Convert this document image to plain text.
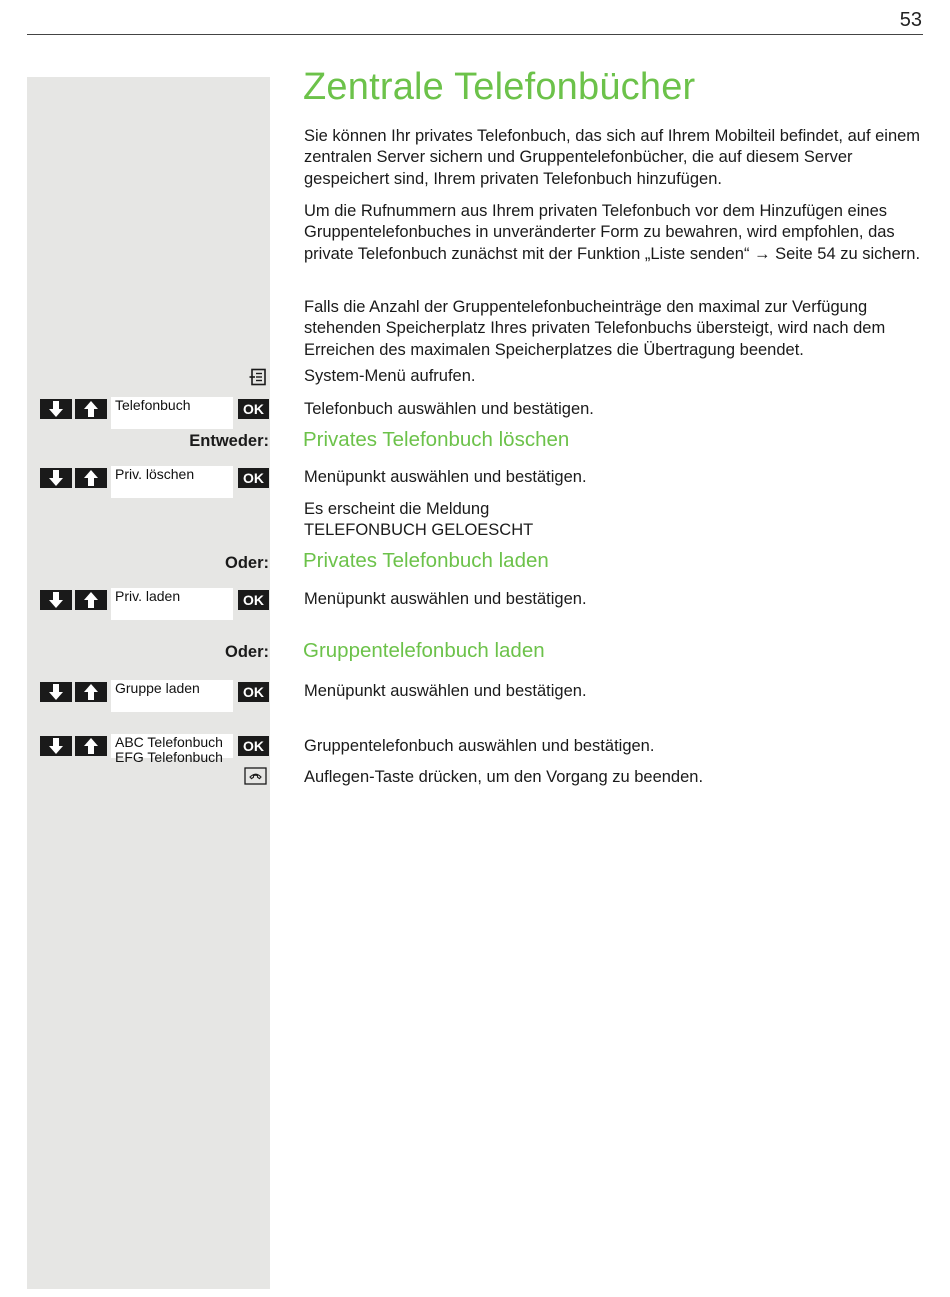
53
Zentrale Telefonbücher

Sie können Ihr privates Telefonbuch, das sich auf Ihrem Mobilteil befindet, auf einem zentralen Server sichern und Gruppentelefonbücher, die auf diesem Server gespeichert sind, Ihrem privaten Telefonbuch hinzufügen.

Um die Rufnummern aus Ihrem privaten Telefonbuch vor dem Hinzufügen eines Gruppentelefonbuches in unveränderter Form zu bewahren, wird empfohlen, das private Telefonbuch zunächst mit der Funktion „Liste senden“ → Seite 54 zu sichern.

Falls die Anzahl der Gruppentelefonbucheinträge den maximal zur Verfügung stehenden Speicherplatz Ihres privaten Telefonbuchs übersteigt, wird nach dem Erreichen des maximalen Speicherplatzes die Übertragung beendet.

System-Menü aufrufen.
Telefonbuch	OK	Telefonbuch auswählen und bestätigen.
Entweder: Privates Telefonbuch löschen
Priv. löschen	OK	Menüpunkt auswählen und bestätigen.
Es erscheint die Meldung
TELEFONBUCH GELOESCHT
Oder: Privates Telefonbuch laden
Priv. laden	OK	Menüpunkt auswählen und bestätigen.
Oder: Gruppentelefonbuch laden
Gruppe laden	OK	Menüpunkt auswählen und bestätigen.
ABC Telefonbuch
EFG Telefonbuch
OK	Gruppentelefonbuch auswählen und bestätigen.
Auflegen-Taste drücken, um den Vorgang zu beenden.
